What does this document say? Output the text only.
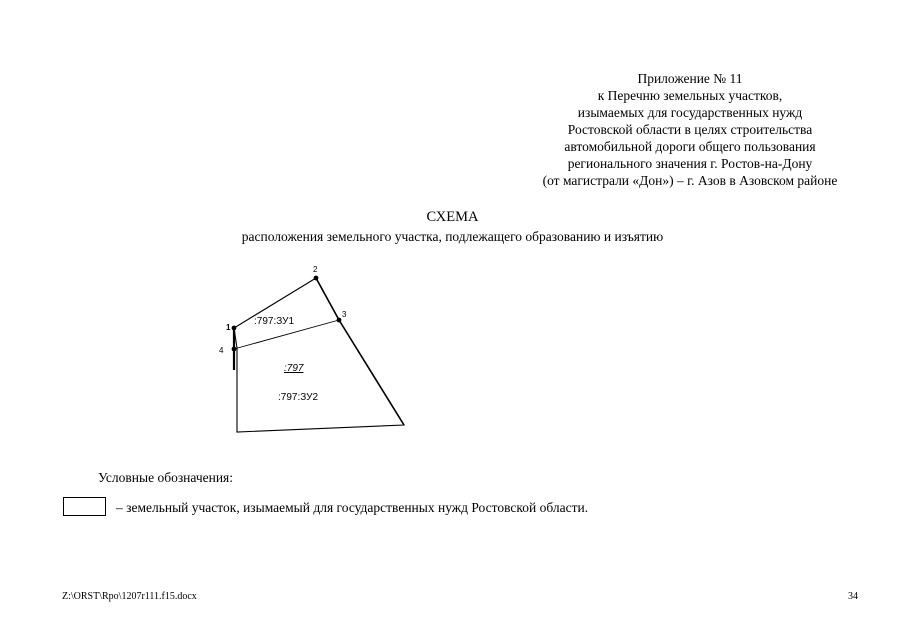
Приложение № 11
к Перечню земельных участков,
изымаемых для государственных нужд
Ростовской области в целях строительства
автомобильной дороги общего пользования
регионального значения г. Ростов-на-Дону
(от магистрали «Дон») – г. Азов в Азовском районе
СХЕМА
расположения земельного участка, подлежащего образованию и изъятию
1
2
3
4
:797:ЗУ1
:797
:797:ЗУ2
Условные обозначения:
– земельный участок, изымаемый для государственных нужд Ростовской области.
Z:\ORST\Rpo\1207r111.f15.docx	34
